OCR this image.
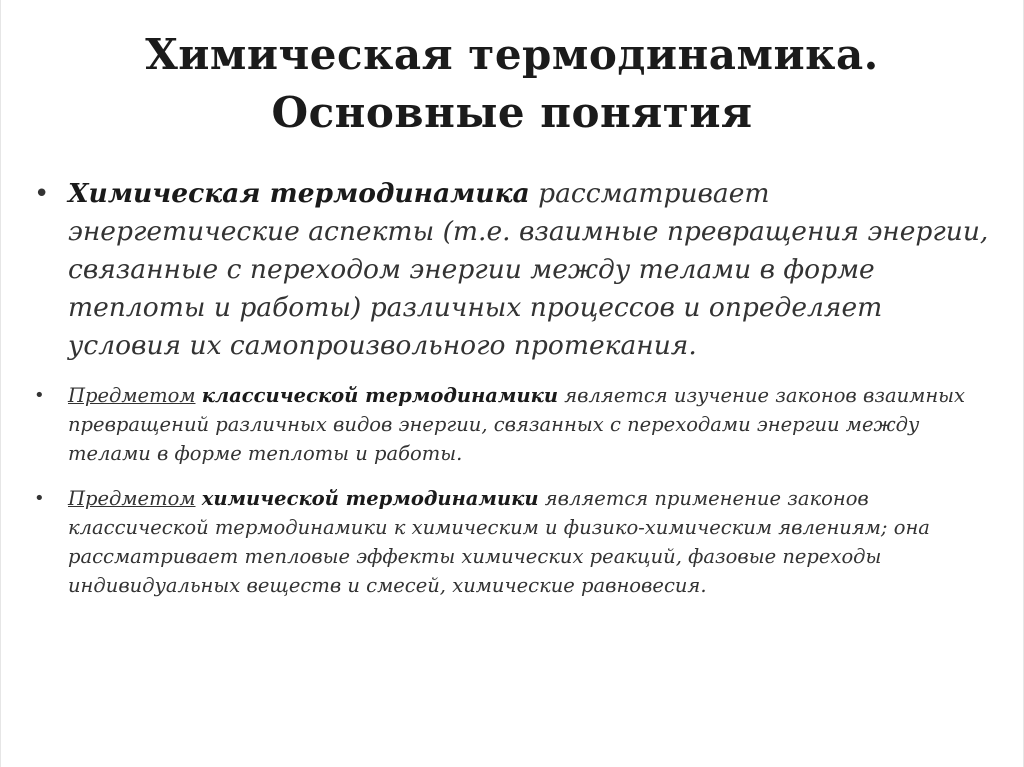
Химическая термодинамика.
Основные понятия
• Химическая термодинамика рассматривает энергетические аспекты (т.е. взаимные превращения энергии, связанные с переходом энергии между телами в форме теплоты и работы) различных процессов и определяет условия их самопроизвольного протекания.
• Предметом классической термодинамики является изучение законов взаимных превращений различных видов энергии, связанных с переходами энергии между телами в форме теплоты и работы.
• Предметом химической термодинамики является применение законов классической термодинамики к химическим и физико-химическим явлениям; она рассматривает тепловые эффекты химических реакций, фазовые переходы индивидуальных веществ и смесей, химические равновесия.
